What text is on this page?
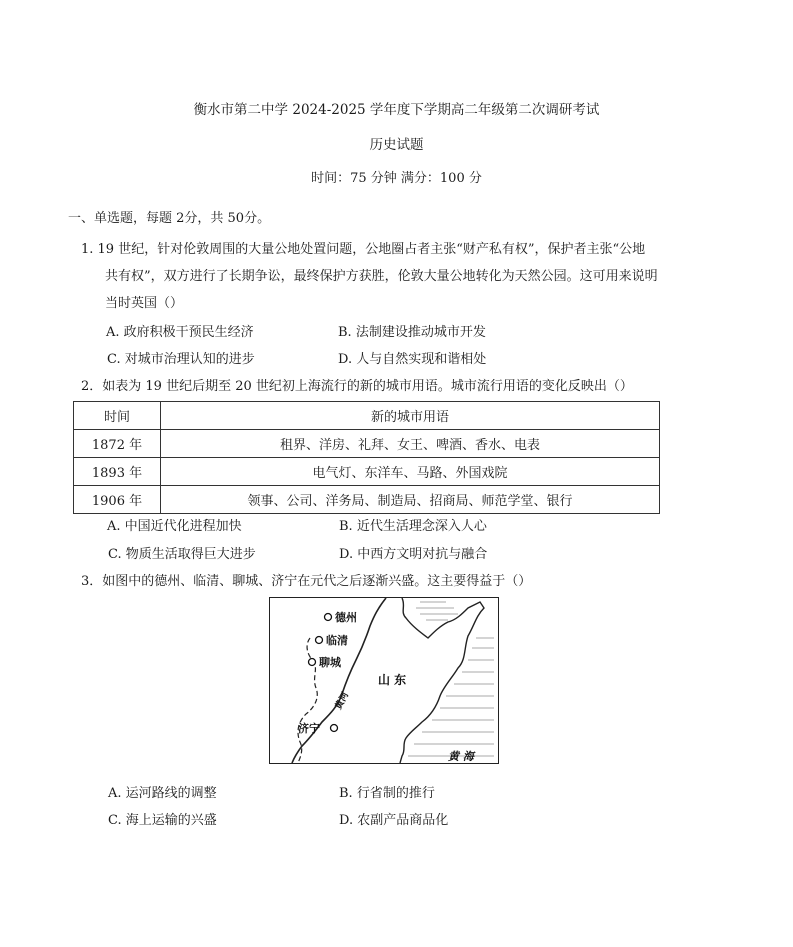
衡水市第二中学 2024-2025 学年度下学期高二年级第二次调研考试
历史试题
时间：75 分钟 满分：100 分
一、单选题，每题 2分，共 50分。
1. 19 世纪，针对伦敦周围的大量公地处置问题，公地圈占者主张“财产私有权”，保护者主张“公地
共有权”，双方进行了长期争讼，最终保护方获胜，伦敦大量公地转化为天然公园。这可用来说明
当时英国（）
A. 政府积极干预民生经济	B. 法制建设推动城市开发
C. 对城市治理认知的进步	D. 人与自然实现和谐相处
2．如表为 19 世纪后期至 20 世纪初上海流行的新的城市用语。城市流行用语的变化反映出（）
时间	新的城市用语
1872 年	租界、洋房、礼拜、女王、啤酒、香水、电表
1893 年	电气灯、东洋车、马路、外国戏院
1906 年	领事、公司、洋务局、制造局、招商局、师范学堂、银行
A. 中国近代化进程加快	B. 近代生活理念深入人心
C. 物质生活取得巨大进步	D. 中西方文明对抗与融合
3．如图中的德州、临清、聊城、济宁在元代之后逐渐兴盛。这主要得益于（）
德州
临清
聊城
济宁
山 东
黄河
黄 海
A. 运河路线的调整	B. 行省制的推行
C. 海上运输的兴盛	D. 农副产品商品化
